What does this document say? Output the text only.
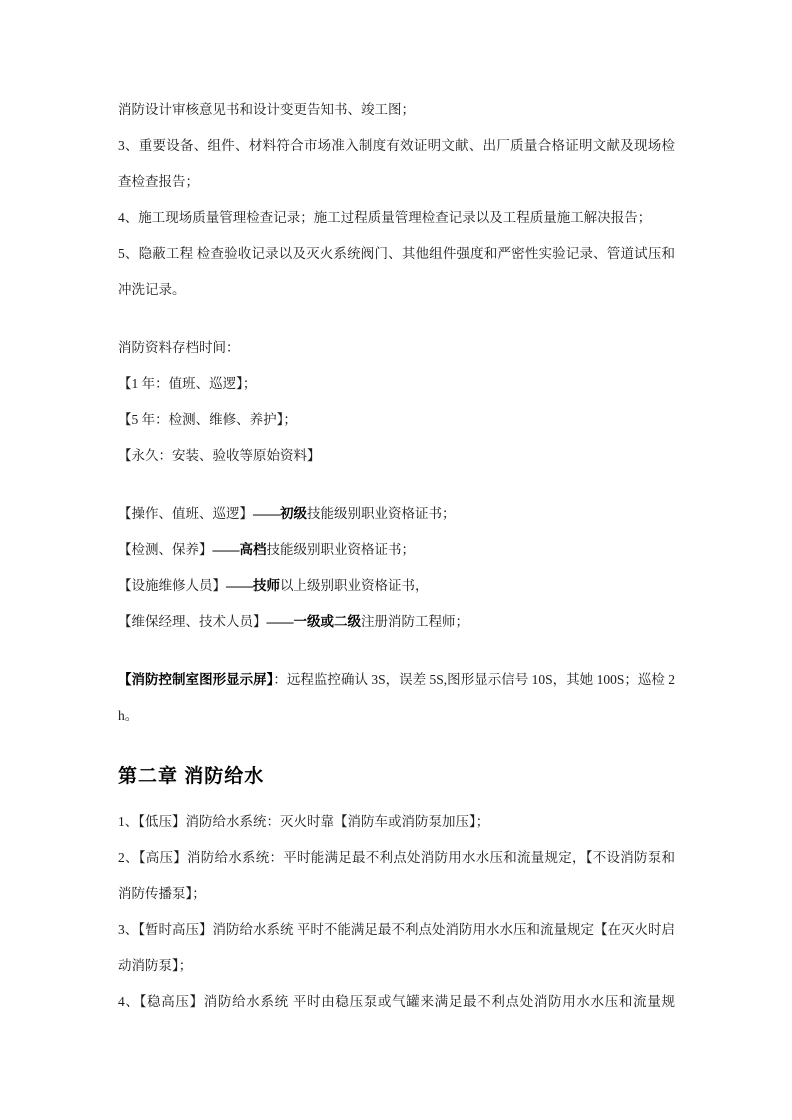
消防设计审核意见书和设计变更告知书、竣工图；

3、重要设备、组件、材料符合市场准入制度有效证明文献、出厂质量合格证明文献及现场检查检查报告；

4、施工现场质量管理检查记录；施工过程质量管理检查记录以及工程质量施工解决报告；

5、隐蔽工程 检查验收记录以及灭火系统阀门、其他组件强度和严密性实验记录、管道试压和冲洗记录。

消防资料存档时间：

【1 年：值班、巡逻】；

【5 年：检测、维修、养护】；

【永久：安装、验收等原始资料】

【操作、值班、巡逻】——初级技能级别职业资格证书；

【检测、保养】——高档技能级别职业资格证书；

【设施维修人员】——技师以上级别职业资格证书，

【维保经理、技术人员】——一级或二级注册消防工程师；

【消防控制室图形显示屏】：远程监控确认 3S，误差 5S,图形显示信号 10S，其她 100S；巡检 2h。

第二章 消防给水

1、【低压】消防给水系统：灭火时靠【消防车或消防泵加压】；

2、【高压】消防给水系统：平时能满足最不利点处消防用水水压和流量规定，【不设消防泵和消防传播泵】；

3、【暂时高压】消防给水系统 平时不能满足最不利点处消防用水水压和流量规定【在灭火时启动消防泵】；

4、【稳高压】消防给水系统 平时由稳压泵或气罐来满足最不利点处消防用水水压和流量规
